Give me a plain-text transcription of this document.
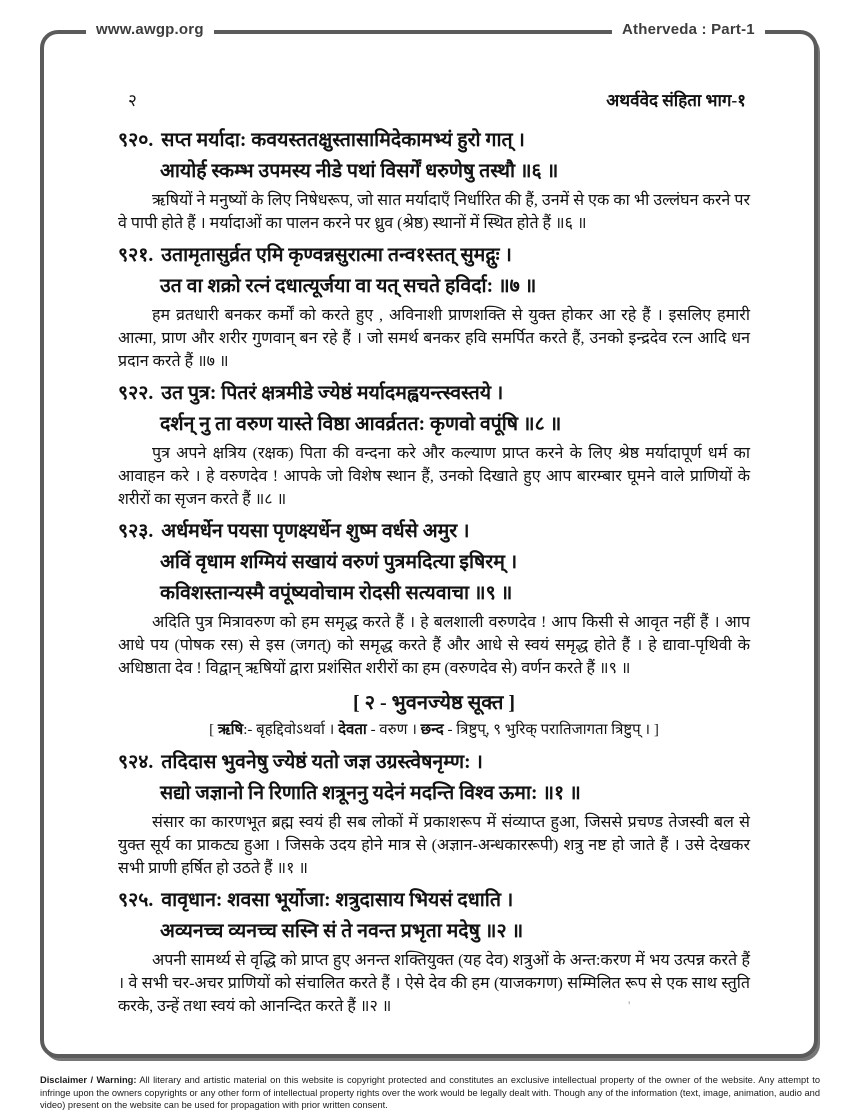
www.awgp.org	Atherveda : Part-1
२	अथर्ववेद संहिता भाग-१
९२०. सप्त मर्यादा: कवयस्ततक्षुस्तासामिदेकामभ्यं हुरो गात् ।
आयोर्ह स्कम्भ उपमस्य नीडे पथां विसर्गें धरुणेषु तस्थौ ॥६ ॥

ऋषियों ने मनुष्यों के लिए निषेधरूप, जो सात मर्यादाएँ निर्धारित की हैं, उनमें से एक का भी उल्लंघन करने पर वे पापी होते हैं । मर्यादाओं का पालन करने पर ध्रुव (श्रेष्ठ) स्थानों में स्थित होते हैं ॥६ ॥

९२१. उतामृतासुर्व्रत एमि कृण्वन्नसुरात्मा तन्व१स्तत् सुमद्गुः ।
उत वा शक्रो रत्नं दधात्यूर्जया वा यत् सचते हविर्दा: ॥७ ॥

हम व्रतधारी बनकर कर्मों को करते हुए , अविनाशी प्राणशक्ति से युक्त होकर आ रहे हैं । इसलिए हमारी आत्मा, प्राण और शरीर गुणवान् बन रहे हैं । जो समर्थ बनकर हवि समर्पित करते हैं, उनको इन्द्रदेव रत्न आदि धन प्रदान करते हैं ॥७ ॥

९२२. उत पुत्र: पितरं क्षत्रमीडे ज्येष्ठं मर्यादमह्वयन्त्स्वस्तये ।
दर्शन् नु ता वरुण यास्ते विष्ठा आवर्व्रतत: कृणवो वपूंषि ॥८ ॥

पुत्र अपने क्षत्रिय (रक्षक) पिता की वन्दना करे और कल्याण प्राप्त करने के लिए श्रेष्ठ मर्यादापूर्ण धर्म का आवाहन करे । हे वरुणदेव ! आपके जो विशेष स्थान हैं, उनको दिखाते हुए आप बारम्बार घूमने वाले प्राणियों के शरीरों का सृजन करते हैं ॥८ ॥

९२३. अर्धमर्धेन पयसा पृणक्ष्यर्धेन शुष्म वर्धसे अमुर ।
अविं वृधाम शग्मियं सखायं वरुणं पुत्रमदित्या इषिरम् ।
कविशस्तान्यस्मै वपूंष्यवोचाम रोदसी सत्यवाचा ॥९ ॥

अदिति पुत्र मित्रावरुण को हम समृद्ध करते हैं । हे बलशाली वरुणदेव ! आप किसी से आवृत नहीं हैं । आप आधे पय (पोषक रस) से इस (जगत्) को समृद्ध करते हैं और आधे से स्वयं समृद्ध होते हैं । हे द्यावा-पृथिवी के अधिष्ठाता देव ! विद्वान् ऋषियों द्वारा प्रशंसित शरीरों का हम (वरुणदेव से) वर्णन करते हैं ॥९ ॥

[ २ - भुवनज्येष्ठ सूक्त ]
[ ऋषि:- बृहद्दिवोऽथर्वा । देवता - वरुण । छन्द - त्रिष्टुप्, ९ भुरिक् परातिजागता त्रिष्टुप् । ]
९२४. तदिदास भुवनेषु ज्येष्ठं यतो जज्ञ उग्रस्त्वेषनृम्ण: ।
सद्यो जज्ञानो नि रिणाति शत्रूननु यदेनं मदन्ति विश्व ऊमा: ॥१ ॥

संसार का कारणभूत ब्रह्म स्वयं ही सब लोकों में प्रकाशरूप में संव्याप्त हुआ, जिससे प्रचण्ड तेजस्वी बल से युक्त सूर्य का प्राकट्य हुआ । जिसके उदय होने मात्र से (अज्ञान-अन्धकाररूपी) शत्रु नष्ट हो जाते हैं । उसे देखकर सभी प्राणी हर्षित हो उठते हैं ॥१ ॥

९२५. वावृधान: शवसा भूर्योजा: शत्रुदासाय भियसं दधाति ।
अव्यनच्च व्यनच्च सस्नि सं ते नवन्त प्रभृता मदेषु ॥२ ॥

अपनी सामर्थ्य से वृद्धि को प्राप्त हुए अनन्त शक्तियुक्त (यह देव) शत्रुओं के अन्त:करण में भय उत्पन्न करते हैं । वे सभी चर-अचर प्राणियों को संचालित करते हैं । ऐसे देव की हम (याजकगण) सम्मिलित रूप से एक साथ स्तुति करके, उन्हें तथा स्वयं को आनन्दित करते हैं ॥२ ॥	'
Disclaimer / Warning: All literary and artistic material on this website is copyright protected and constitutes an exclusive intellectual property of the owner of the website. Any attempt to infringe upon the owners copyrights or any other form of intellectual property rights over the work would be legally dealt with. Though any of the information (text, image, animation, audio and video) present on the website can be used for propagation with prior written consent.
